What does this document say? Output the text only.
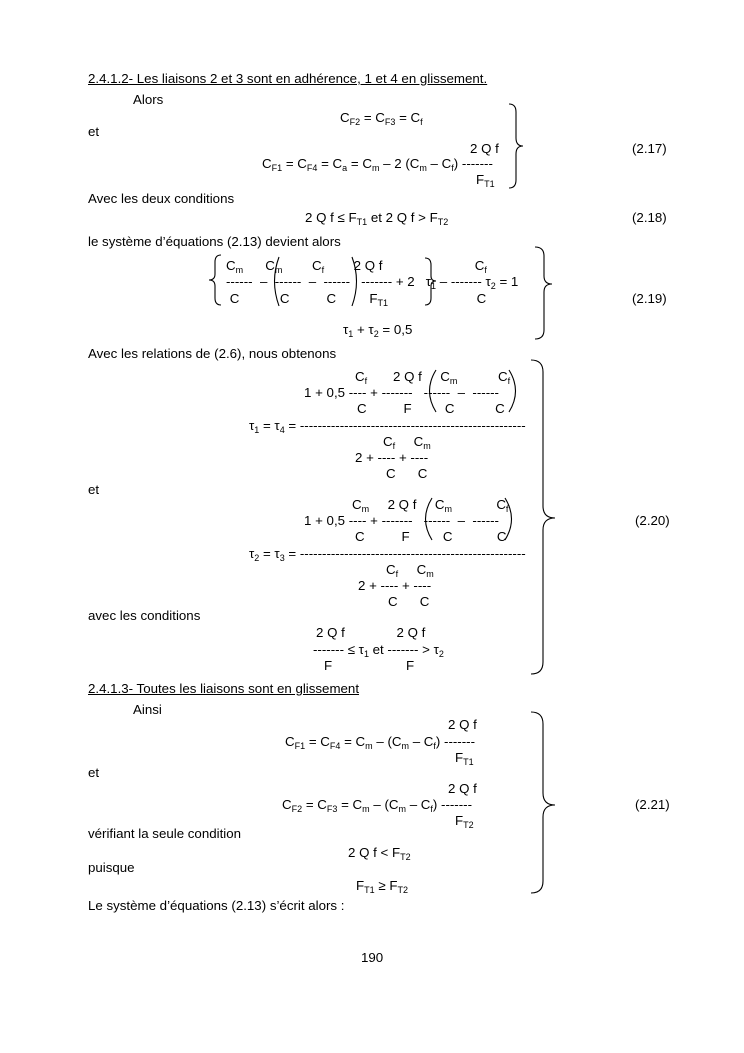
2.4.1.2- Les liaisons 2 et 3 sont en adhérence, 1 et 4 en glissement.
Alors
$C_{F2} = C_{F3} = C_f$
et
2 Q f
$C_{F1} = C_{F4} = C_a = C_m - 2$ $(C_m - C_f)$ -------
$F_{T1}$
(2.17)
Avec les deux conditions
2 Q $f \le F_{T1}$ et 2 Q $f > F_{T2}$	(2.18)
le système d’équations (2.13) devient alors
$C_m$      $C_m$        $C_f$        2 Q f                         $C_f$
------  –  ------  –  ------   ------- + 2   $\tau_1$ – ------- $\tau_2 = 1$
C           C          C         $F_{T1}$                        C	(2.19)
$\tau_1 + \tau_2 = 0,5$
Avec les relations de (2.6), nous obtenons
$C_f$       2 Q f     $C_m$           $C_f$
1 + 0,5 ---- + -------   ------  –  ------
C          F         C           C
$\tau_1 = \tau_4$ = ---------------------------------------------------
$C_f$     $C_m$
2 + ---- + ----
C      C
et
$C_m$     2 Q f     $C_m$            $C_f$
1 + 0,5 ---- + -------   ------  –  ------
C          F         C            C
$\tau_2 = \tau_3$ = ---------------------------------------------------
$C_f$     $C_m$
2 + ---- + ----
C      C
(2.20)
avec les conditions
2 Q f              2 Q f
------- ≤ $\tau_1$ et ------- > $\tau_2$
F                    F
2.4.1.3- Toutes les liaisons sont en glissement
Ainsi
2 Q f
$C_{F1} = C_{F4} = C_m - (C_m - C_f)$ -------
$F_{T1}$
et
2 Q f
$C_{F2} = C_{F3} = C_m - (C_m - C_f)$ -------
$F_{T2}$
(2.21)
vérifiant la seule condition
2 Q $f < F_{T2}$
puisque
$F_{T1} \ge F_{T2}$
Le système d’équations (2.13) s’écrit alors :
190
